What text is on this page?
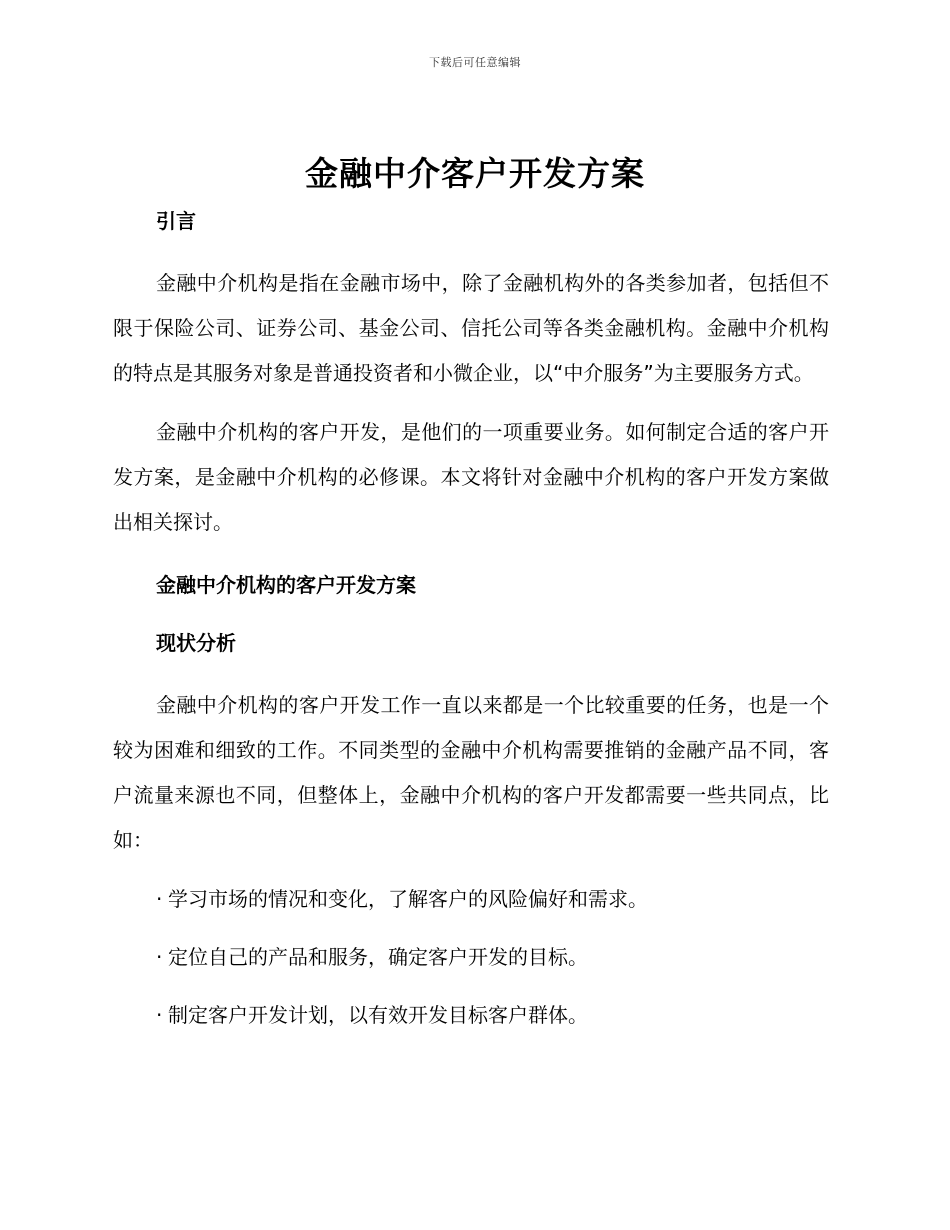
下载后可任意编辑
金融中介客户开发方案

引言

金融中介机构是指在金融市场中，除了金融机构外的各类参加者，包括但不限于保险公司、证券公司、基金公司、信托公司等各类金融机构。金融中介机构的特点是其服务对象是普通投资者和小微企业，以“中介服务”为主要服务方式。

金融中介机构的客户开发，是他们的一项重要业务。如何制定合适的客户开发方案，是金融中介机构的必修课。本文将针对金融中介机构的客户开发方案做出相关探讨。

金融中介机构的客户开发方案

现状分析

金融中介机构的客户开发工作一直以来都是一个比较重要的任务，也是一个较为困难和细致的工作。不同类型的金融中介机构需要推销的金融产品不同，客户流量来源也不同，但整体上，金融中介机构的客户开发都需要一些共同点，比如：

· 学习市场的情况和变化，了解客户的风险偏好和需求。
· 定位自己的产品和服务，确定客户开发的目标。
· 制定客户开发计划，以有效开发目标客户群体。
